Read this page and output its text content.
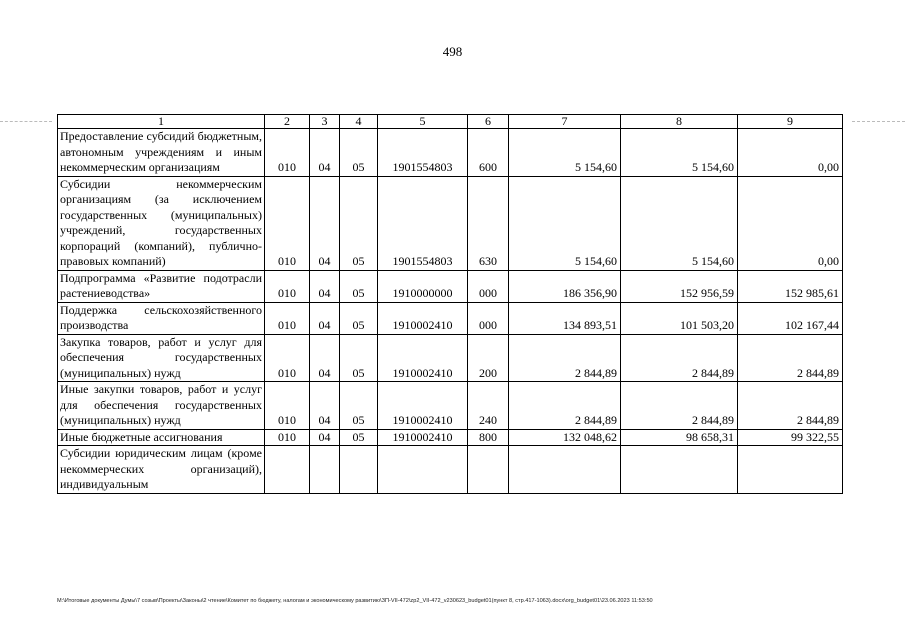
498
1	2	3	4	5	6	7	8	9
Предоставление субсидий бюджетным, автономным учреждениям и иным некоммерческим организациям	010	04	05	1901554803	600	5 154,60	5 154,60	0,00
Субсидии некоммерческим организациям (за исключением государственных (муниципальных) учреждений, государственных корпораций (компаний), публично-правовых компаний)	010	04	05	1901554803	630	5 154,60	5 154,60	0,00
Подпрограмма «Развитие подотрасли растениеводства»	010	04	05	1910000000	000	186 356,90	152 956,59	152 985,61
Поддержка сельскохозяйственного производства	010	04	05	1910002410	000	134 893,51	101 503,20	102 167,44
Закупка товаров, работ и услуг для обеспечения государственных (муниципальных) нужд	010	04	05	1910002410	200	2 844,89	2 844,89	2 844,89
Иные закупки товаров, работ и услуг для обеспечения государственных (муниципальных) нужд	010	04	05	1910002410	240	2 844,89	2 844,89	2 844,89
Иные бюджетные ассигнования	010	04	05	1910002410	800	132 048,62	98 658,31	99 322,55
Субсидии юридическим лицам (кроме некоммерческих организаций), индивидуальным								
M:\Итоговые документы Думы\7 созыв\Проекты\Законы\2 чтение\Комитет по бюджету, налогам и экономическому развитию\ЗП-VII-472\zp2_VII-472_v230623_budget01(пункт 8, стр.417-1063).docx\org_budget01\23.06.2023 11:53:50
